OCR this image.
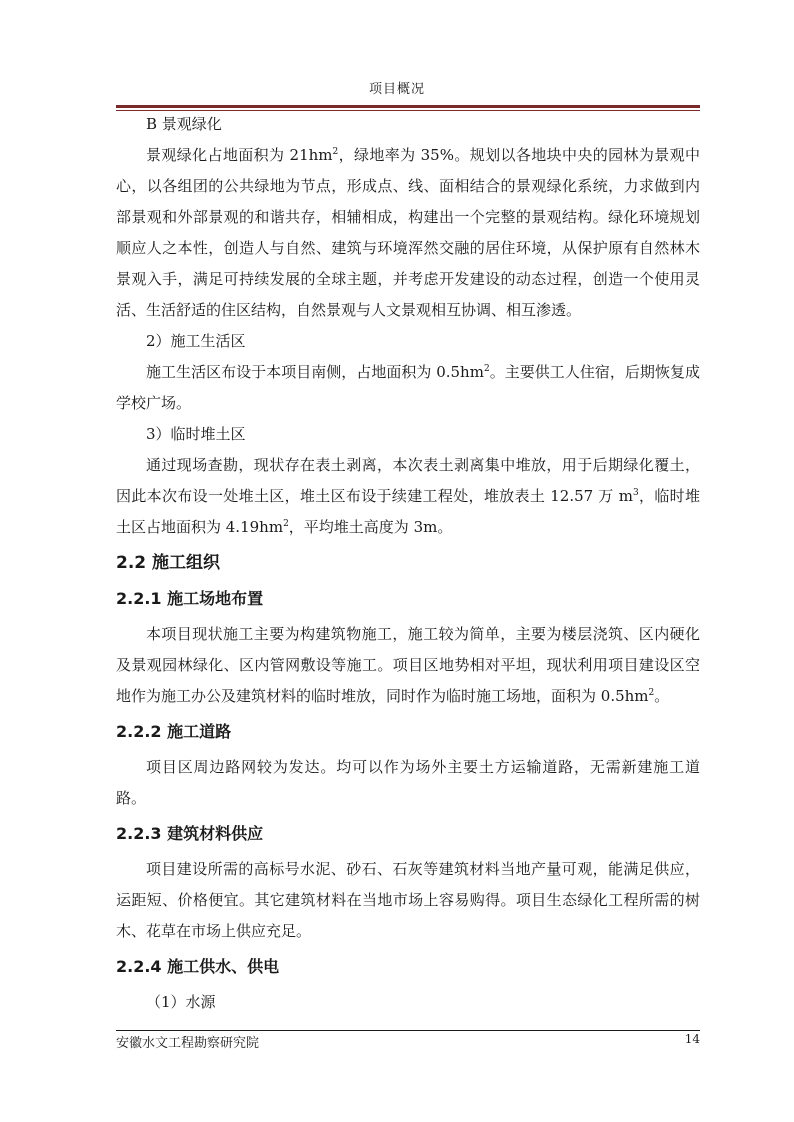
项目概况

B 景观绿化

景观绿化占地面积为 $21hm^2$，绿地率为 35%。规划以各地块中央的园林为景观中心，以各组团的公共绿地为节点，形成点、线、面相结合的景观绿化系统，力求做到内部景观和外部景观的和谐共存，相辅相成，构建出一个完整的景观结构。绿化环境规划顺应人之本性，创造人与自然、建筑与环境浑然交融的居住环境，从保护原有自然林木景观入手，满足可持续发展的全球主题，并考虑开发建设的动态过程，创造一个使用灵活、生活舒适的住区结构，自然景观与人文景观相互协调、相互渗透。

2）施工生活区

施工生活区布设于本项目南侧，占地面积为 $0.5hm^2$。主要供工人住宿，后期恢复成学校广场。

3）临时堆土区

通过现场查勘，现状存在表土剥离，本次表土剥离集中堆放，用于后期绿化覆土，因此本次布设一处堆土区，堆土区布设于续建工程处，堆放表土 12.57 万 $m^3$，临时堆土区占地面积为 $4.19hm^2$，平均堆土高度为 3m。

2.2 施工组织
2.2.1 施工场地布置

本项目现状施工主要为构建筑物施工，施工较为简单，主要为楼层浇筑、区内硬化及景观园林绿化、区内管网敷设等施工。项目区地势相对平坦，现状利用项目建设区空地作为施工办公及建筑材料的临时堆放，同时作为临时施工场地，面积为 $0.5hm^2$。

2.2.2 施工道路

项目区周边路网较为发达。均可以作为场外主要土方运输道路，无需新建施工道路。

2.2.3 建筑材料供应

项目建设所需的高标号水泥、砂石、石灰等建筑材料当地产量可观，能满足供应，运距短、价格便宜。其它建筑材料在当地市场上容易购得。项目生态绿化工程所需的树木、花草在市场上供应充足。

2.2.4 施工供水、供电

（1）水源

安徽水文工程勘察研究院	14
